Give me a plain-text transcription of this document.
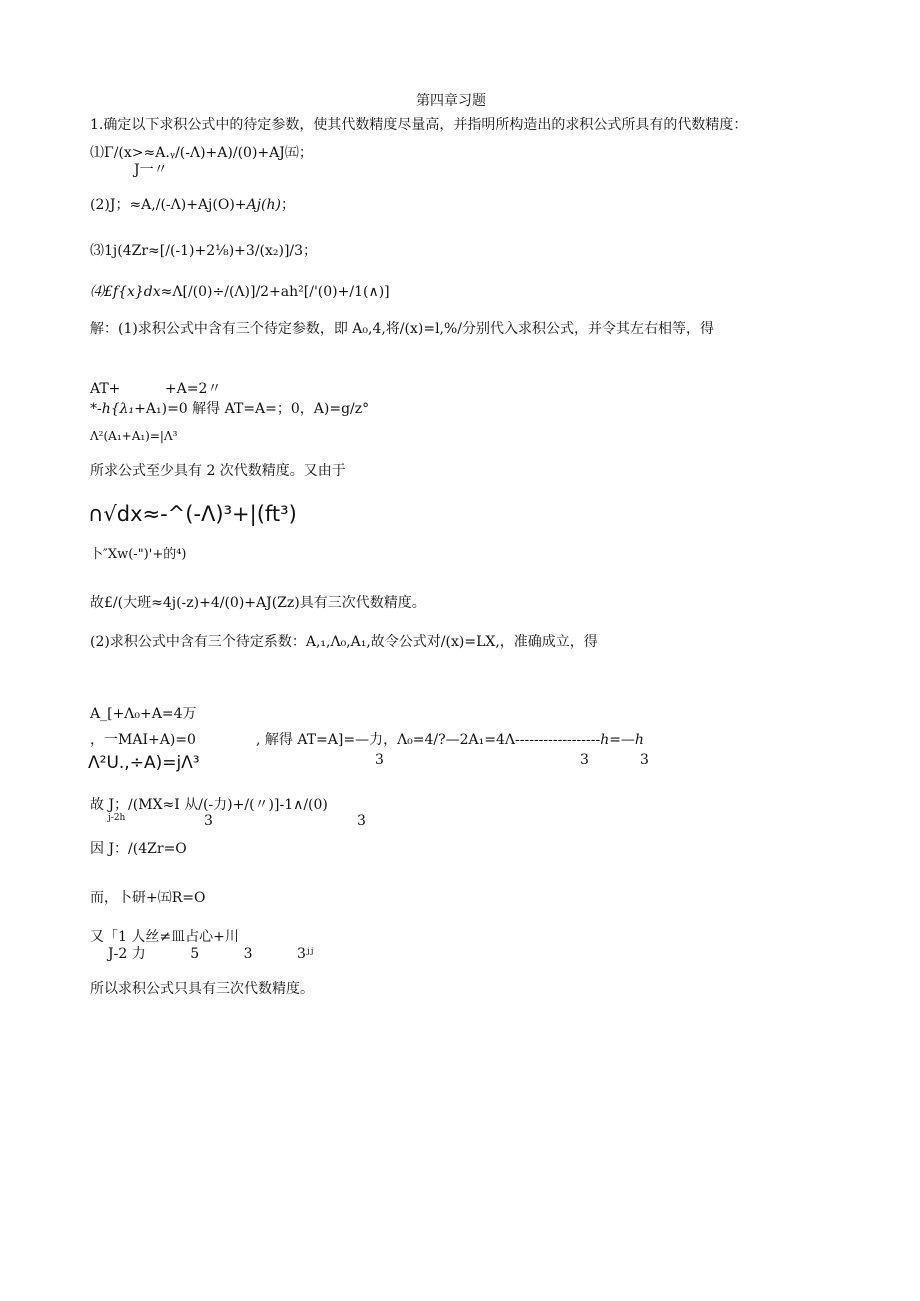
第四章习题
1.确定以下求积公式中的待定参数，使其代数精度尽量高，并指明所构造出的求积公式所具有的代数精度：
⑴Γ/(x>≈A.ᵧ/(-Λ)+A)/(0)+AJ㈤；
J一〃
(2)J；≈A,/(-Λ)+Aj(O)+Aj(h)；
⑶1j(4Zr≈[/(-1)+2⅛)+3/(x₂)]/3；
⑷£f{x}dx≈Λ[/(0)÷/(Λ)]/2+ah²[/'(0)+/1(∧)]
解：(1)求积公式中含有三个待定参数，即 A₀,4,将/(x)=l,%/分别代入求积公式，并令其左右相等，得
AT+          +A=2〃
*-h{λ₁+A₁)=0 解得 AT=A=；0，A)=g/z°
Λ²(A₁+A₁)=|Λ³
所求公式至少具有 2 次代数精度。又由于
∩√dx≈-^(-Λ)³+|(ft³)
卜″Xw(-")'+的⁴)
故£/(大班≈4j(-z)+4/(0)+AJ(Zz)具有三次代数精度。
(2)求积公式中含有三个待定系数：A,₁,Λ₀,A₁,故令公式对/(x)=LX,，准确成立，得
A_[+Λ₀+A=4万
，一MAI+A)=0	, 解得 AT=A]=—力，Λ₀=4/?—2A₁=4Λ------------------h=—h
Λ²U.,÷A)=jΛ³	3	3	3
故 J；/(MX≈I 从/(-力)+/(〃)]-1∧/(0)
j-2h	3	3
因 J：/(4Zr=O
而，卜研+㈤R=O
又「1 人丝≠皿占心+川
J-2 力          5          3          3ʲʲ
所以求积公式只具有三次代数精度。
